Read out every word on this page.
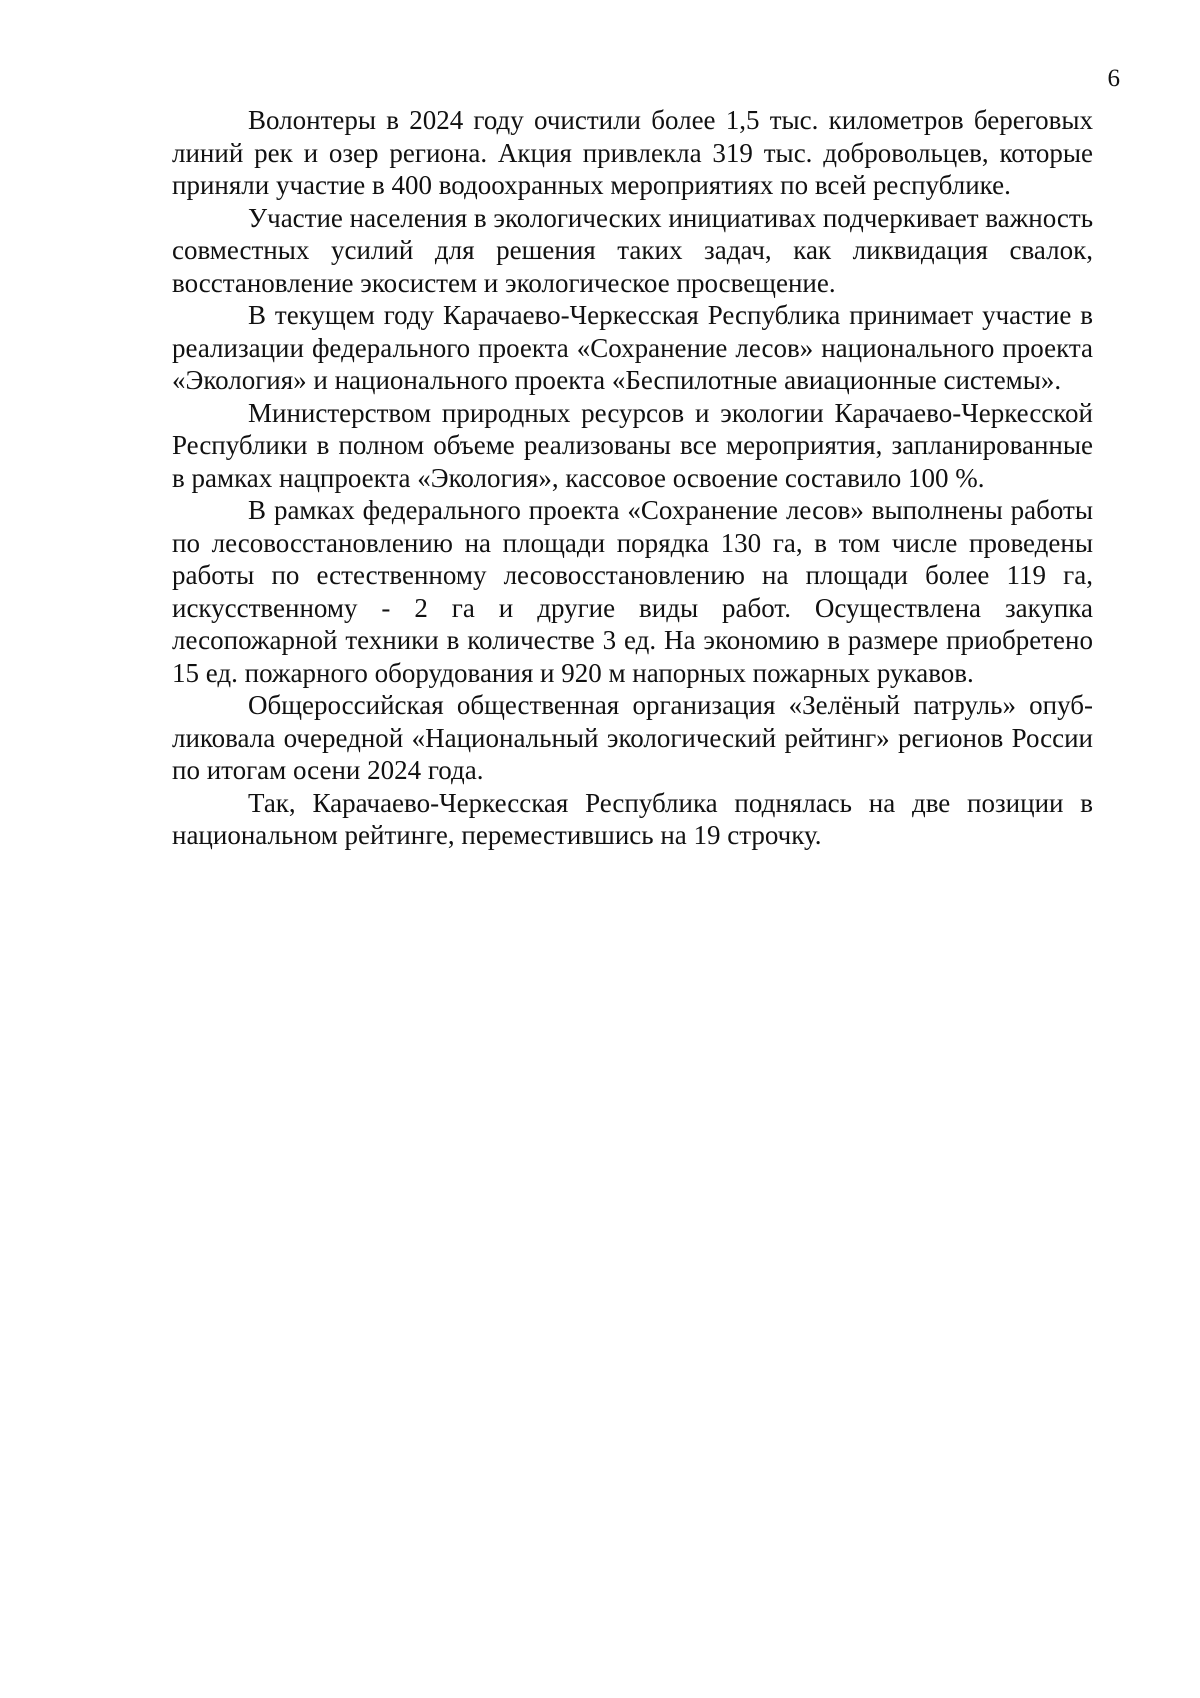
6

Волонтеры в 2024 году очистили более 1,5 тыс. километров береговых линий рек и озер региона. Акция привлекла 319 тыс. добровольцев, которые приняли участие в 400 водоохранных мероприятиях по всей республике.

Участие населения в экологических инициативах подчеркивает важность совместных усилий для решения таких задач, как ликвидация свалок, восстановление экосистем и экологическое просвещение.

В текущем году Карачаево-Черкесская Республика принимает участие в реализации федерального проекта «Сохранение лесов» национального проекта «Экология» и национального проекта «Беспилотные авиационные системы».

Министерством природных ресурсов и экологии Карачаево-Черкесской Республики в полном объеме реализованы все мероприятия, запланированные в рамках нацпроекта «Экология», кассовое освоение составило 100 %.

В рамках федерального проекта «Сохранение лесов» выполнены работы по лесовосстановлению на площади порядка 130 га, в том числе проведены работы по естественному лесовосстановлению на площади более 119 га, искусственному - 2 га и другие виды работ. Осуществлена закупка лесопожарной техники в количестве 3 ед. На экономию в размере приобретено 15 ед. пожарного оборудования и 920 м напорных пожарных рукавов.

Общероссийская общественная организация «Зелёный патруль» опубликовала очередной «Национальный экологический рейтинг» регионов России по итогам осени 2024 года.

Так, Карачаево-Черкесская Республика поднялась на две позиции в национальном рейтинге, переместившись на 19 строчку.
